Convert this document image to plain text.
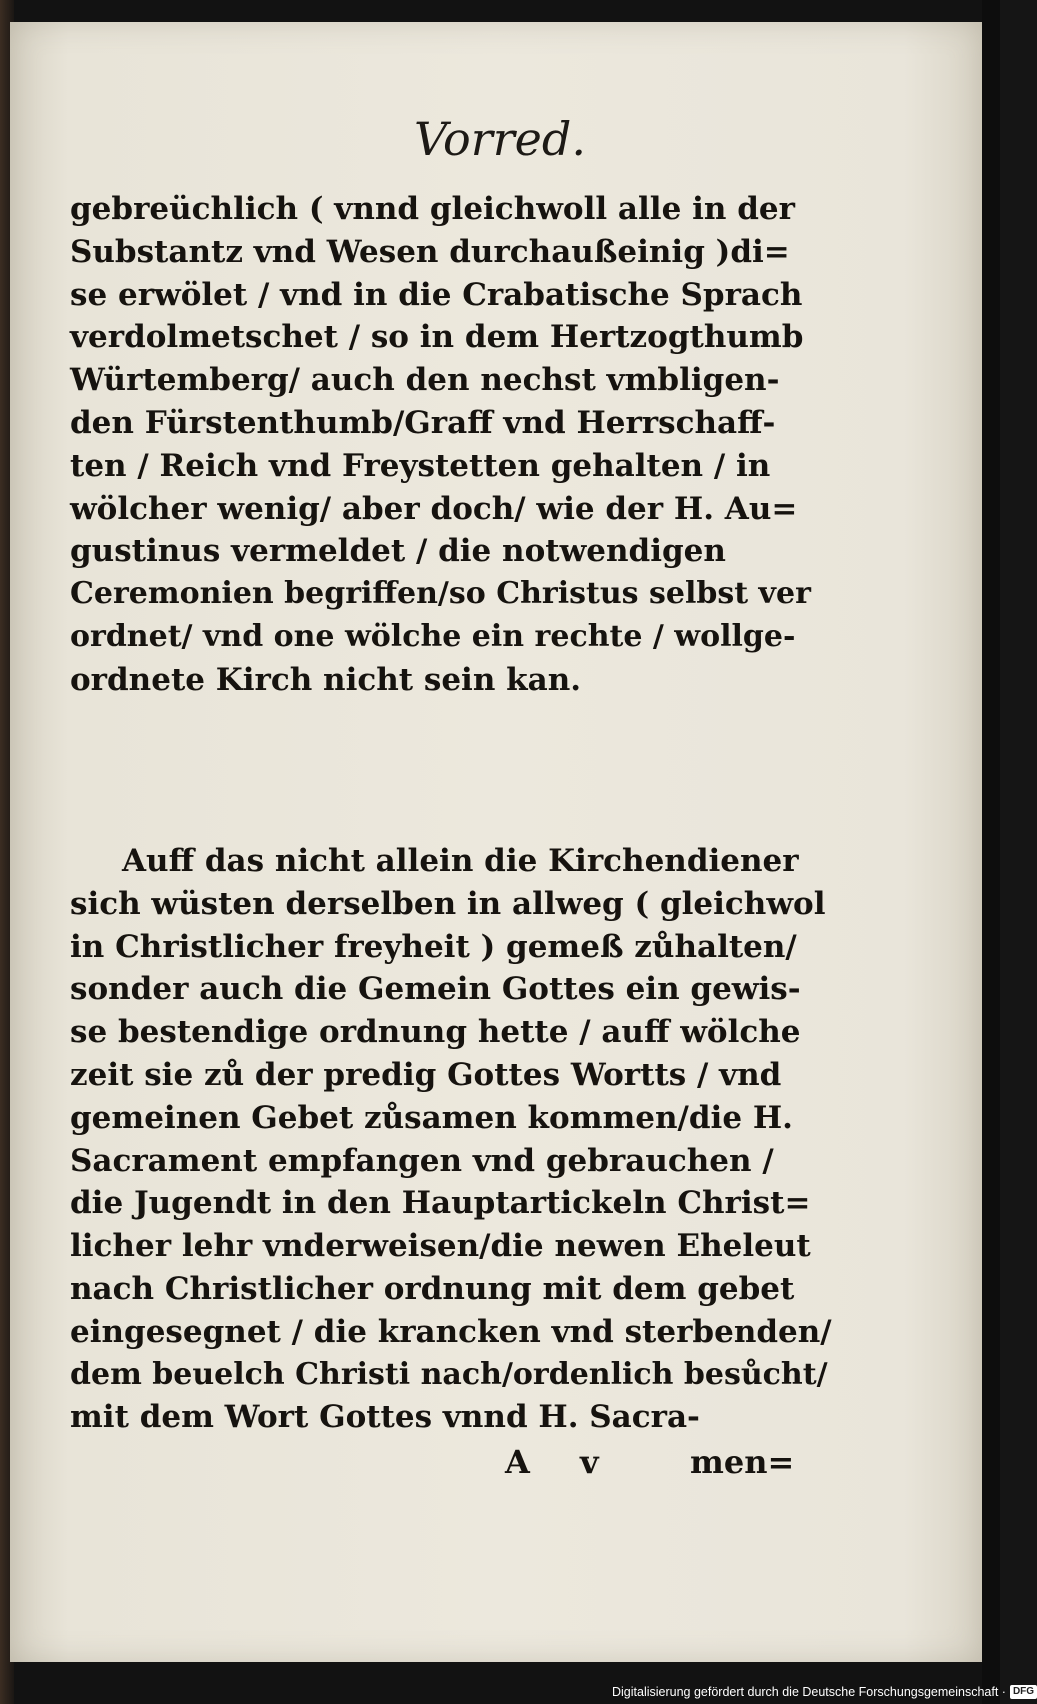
Vorred.
gebreüchlich ( vnnd gleichwoll alle in der
Substantz vnd Wesen durchaußeinig )di=
se erwölet / vnd in die Crabatische Sprach
verdolmetschet / so in dem Hertzogthumb
Würtemberg/ auch den nechst vmbligen-
den Fürstenthumb/Graff vnd Herrschaff-
ten / Reich vnd Freystetten gehalten / in
wölcher wenig/ aber doch/ wie der H. Au=
gustinus vermeldet / die notwendigen
Ceremonien begriffen/so Christus selbst ver
ordnet/ vnd one wölche ein rechte / wollge-
ordnete Kirch nicht sein kan.
Auff das nicht allein die Kirchendiener
sich wüsten derselben in allweg ( gleichwol
in Christlicher freyheit ) gemeß zůhalten/
sonder auch die Gemein Gottes ein gewis-
se bestendige ordnung hette / auff wölche
zeit sie zů der predig Gottes Wortts / vnd
gemeinen Gebet zůsamen kommen/die H.
Sacrament empfangen vnd gebrauchen /
die Jugendt in den Hauptartickeln Christ=
licher lehr vnderweisen/die newen Eheleut
nach Christlicher ordnung mit dem gebet
eingesegnet / die krancken vnd sterbenden/
dem beuelch Christi nach/ordenlich besůcht/
mit dem Wort Gottes vnnd H. Sacra-
A v	men=
Digitalisierung gefördert durch die Deutsche Forschungsgemeinschaft · DFG
